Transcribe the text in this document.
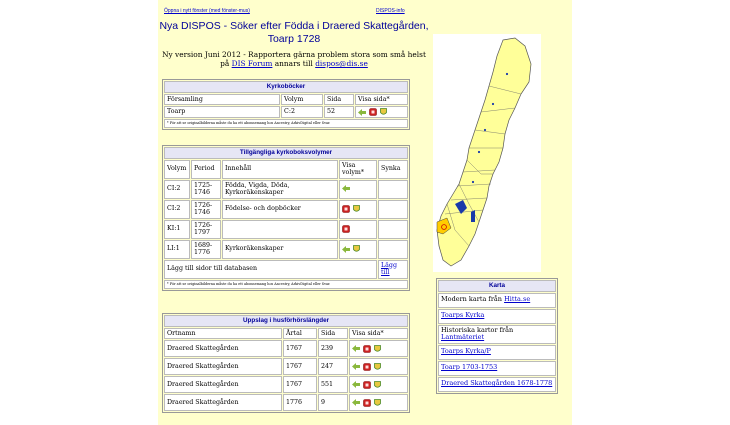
Öppna i nytt fönster (med fönster-mus)	DISPOS-info
Nya DISPOS - Söker efter Födda i Draered Skattegården, Toarp 1728
Ny version Juni 2012 - Rapportera gärna problem stora som små helst
på DIS Forum annars till dispos@dis.se
Kyrkoböcker			
Församling	Volym	Sida	Visa sida*
Toarp	C:2	52	
* För att se originalbilderna måste du ha ett abonnemang hos Ancestry, ArkivDigital eller Svar.			
Tillgängliga kyrkoboksvolymer				
Volym	Period	Innehåll	Visa volym*	Synka
CI:2	1725-1746	Födda, Vigda, Döda, Kyrkoräkenskaper		
CI:2	1726-1746	Födelse- och dopböcker		
KI:1	1726-1797			
LI:1	1689-1776	Kyrkoräkenskaper		
Lägg till sidor till databasen				Lägg till
* För att se originalbilderna måste du ha ett abonnemang hos Ancestry, ArkivDigital eller Svar.				
Uppslag i husförhörslängder			
Ortnamn	Årtal	Sida	Visa sida*
Draered Skattegården	1767	239	
Draered Skattegården	1767	247	
Draered Skattegården	1767	551	
Draered Skattegården	1776	9	
Karta
Modern karta från Hitta.se
Toarps Kyrka
Historiska kartor från Lantmäteriet
Toarps Kyrka/P
Toarp 1703-1753
Draered Skattegården 1678-1778
